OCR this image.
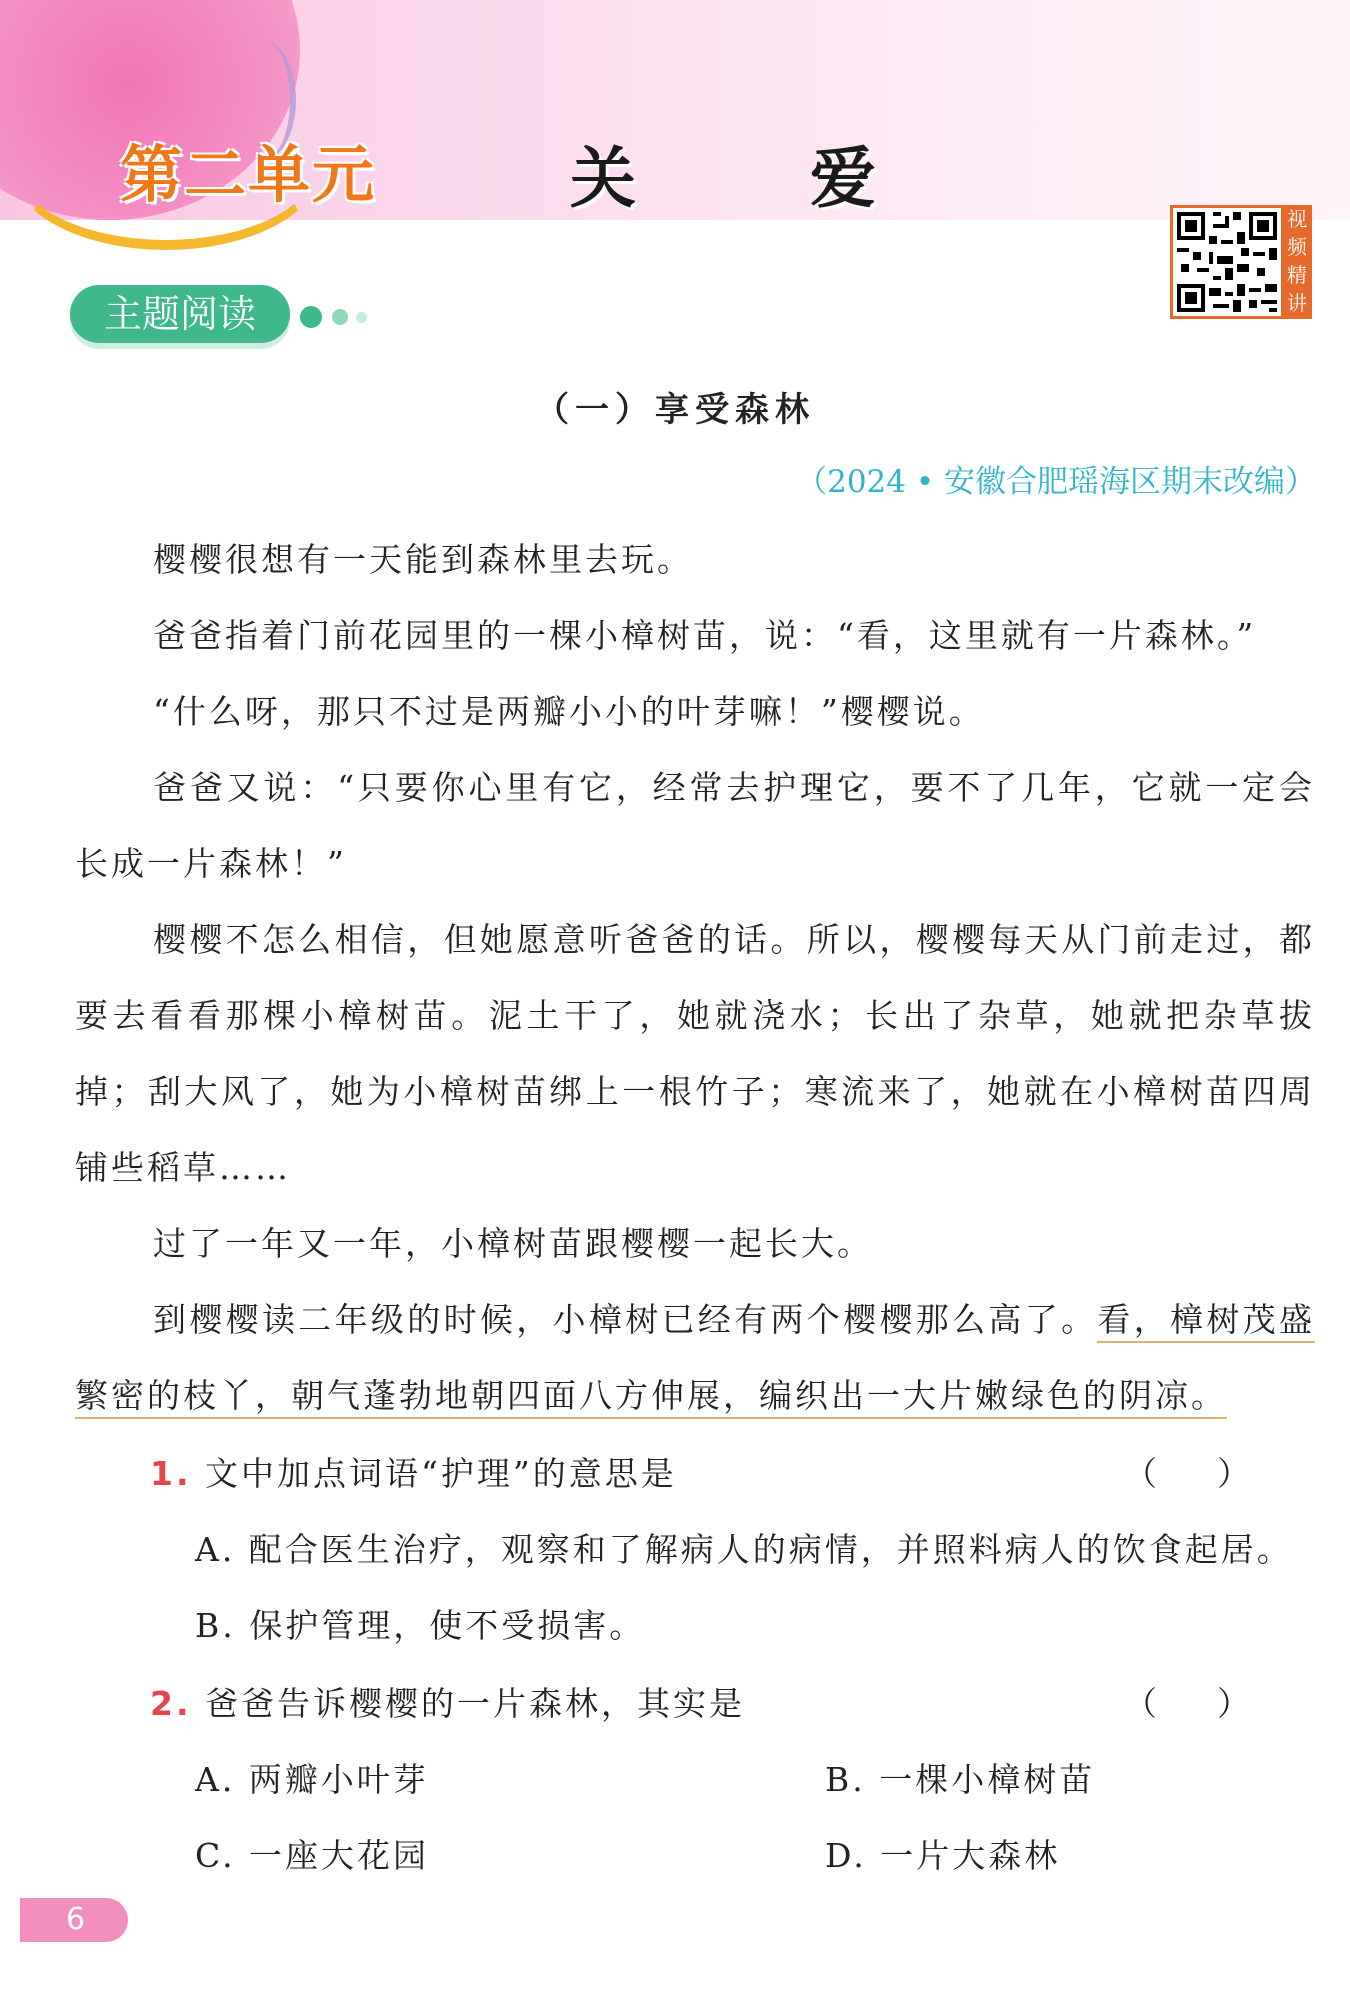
第二单元	关	爱
视频精讲
主题阅读
（一）享受森林
（2024 • 安徽合肥瑶海区期末改编）

樱樱很想有一天能到森林里去玩。

爸爸指着门前花园里的一棵小樟树苗，说：“看，这里就有一片森林。”

“什么呀，那只不过是两瓣小小的叶芽嘛！”樱樱说。

爸爸又说：“只要你心里有它，经常去护 •理 •它，要不了几年，它就一定会长成一片森林！”

樱樱不怎么相信，但她愿意听爸爸的话。所以，樱樱每天从门前走过，都要去看看那棵小樟树苗。泥土干了，她就浇水；长出了杂草，她就把杂草拔掉；刮大风了，她为小樟树苗绑上一根竹子；寒流来了，她就在小樟树苗四周铺些稻草……

过了一年又一年，小樟树苗跟樱樱一起长大。

到樱樱读二年级的时候，小樟树已经有两个樱樱那么高了。看，樟树茂盛繁密的枝丫，朝气蓬勃地朝四面八方伸展，编织出一大片嫩绿色的阴凉。

1. 文中加点词语“护理”的意思是	（）
A. 配合医生治疗，观察和了解病人的病情，并照料病人的饮食起居。
B. 保护管理，使不受损害。
2. 爸爸告诉樱樱的一片森林，其实是	（）
A. 两瓣小叶芽	B. 一棵小樟树苗
C. 一座大花园	D. 一片大森林
6
